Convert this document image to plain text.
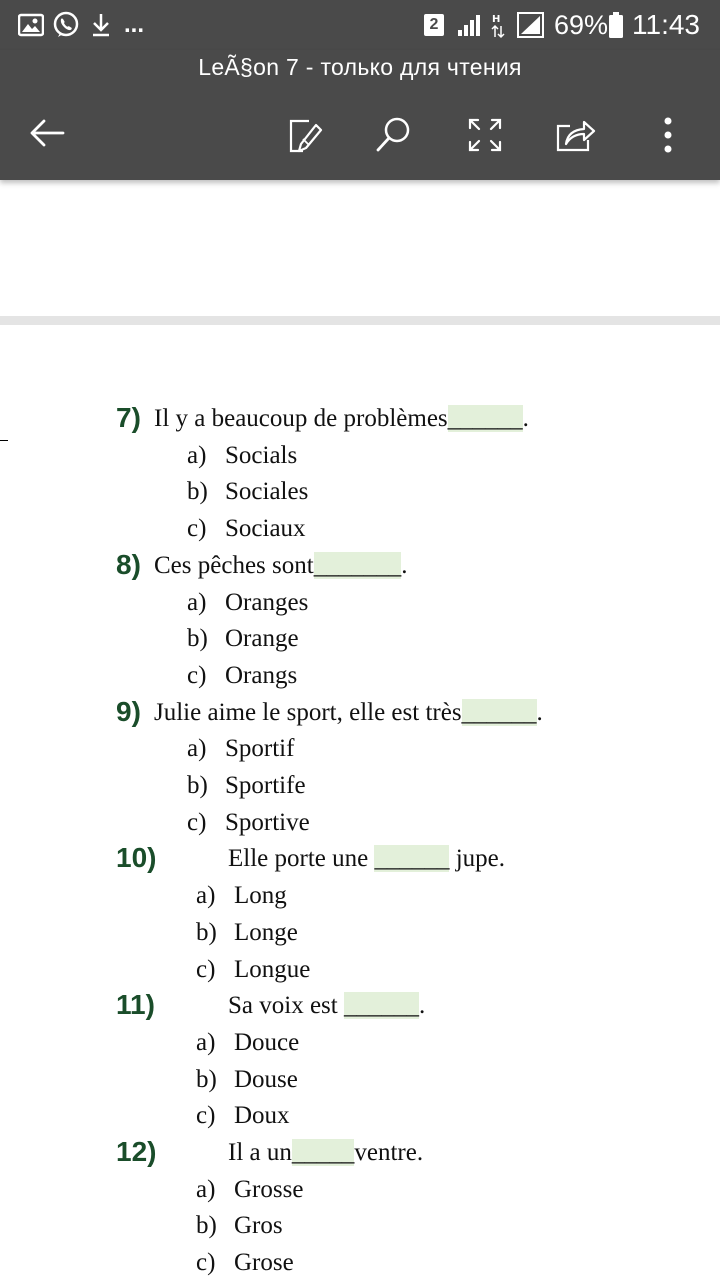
...	2	H 69% 11:43
LeÃ§on 7 - только для чтения
7) Il y a beaucoup de problèmes______.
a) Socials
b) Sociales
c) Sociaux
8) Ces pêches sont_______.
a) Oranges
b) Orange
c) Orangs
9) Julie aime le sport, elle est très______.
a) Sportif
b) Sportife
c) Sportive
10)	Elle porte une ______ jupe.
a) Long
b) Longe
c) Longue
11)	Sa voix est ______.
a) Douce
b) Douse
c) Doux
12)	Il a un_____ventre.
a) Grosse
b) Gros
c) Grose
